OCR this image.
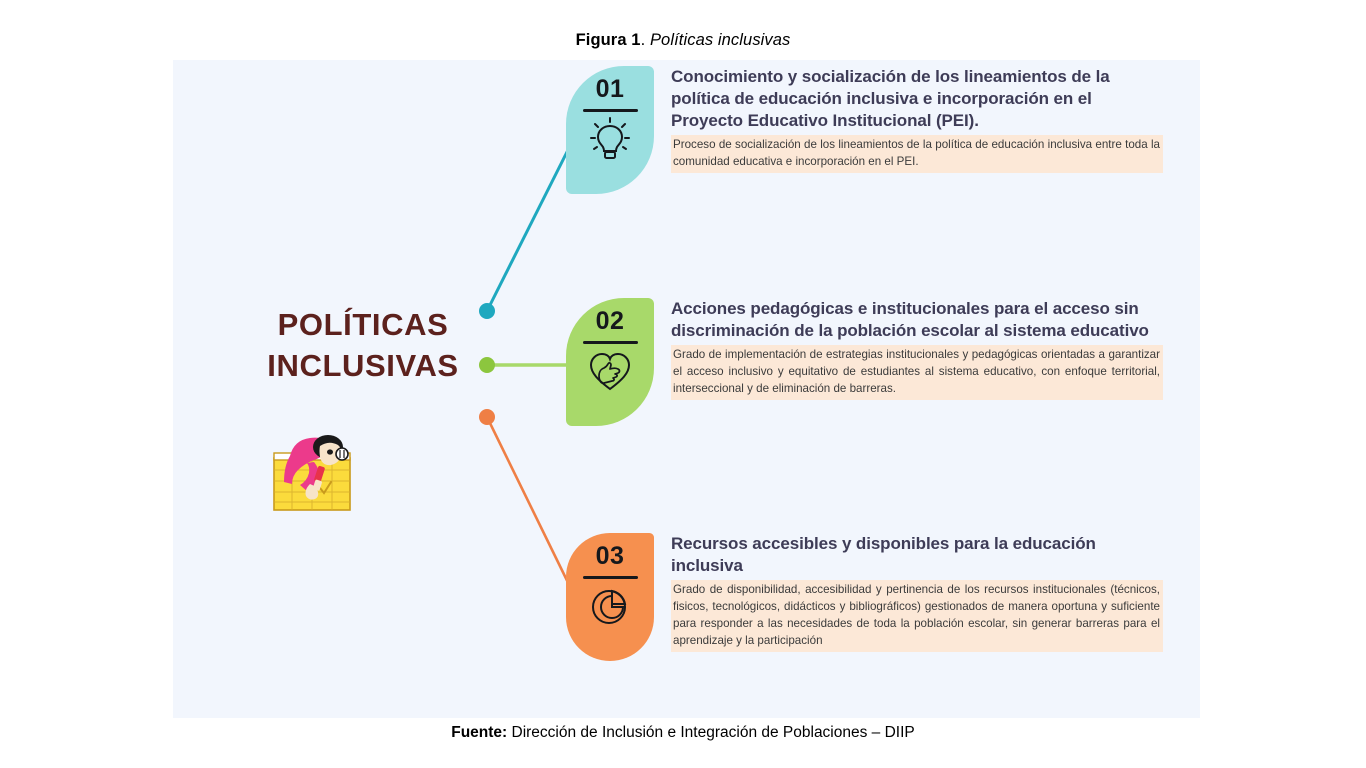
Figura 1. Políticas inclusivas
POLÍTICAS
INCLUSIVAS
01	Conocimiento y socialización de los lineamientos de la política de educación inclusiva e incorporación en el Proyecto Educativo Institucional (PEI).

Proceso de socialización de los lineamientos de la política de educación inclusiva entre toda la comunidad educativa e incorporación en el PEI.

02	Acciones pedagógicas e institucionales para el acceso sin discriminación de la población escolar al sistema educativo

Grado de implementación de estrategias institucionales y pedagógicas orientadas a garantizar el acceso inclusivo y equitativo de estudiantes al sistema educativo, con enfoque territorial, interseccional y de eliminación de barreras.

03	Recursos accesibles y disponibles para la educación inclusiva

Grado de disponibilidad, accesibilidad y pertinencia de los recursos institucionales (técnicos, fisicos, tecnológicos, didácticos y bibliográficos) gestionados de manera oportuna y suficiente para responder a las necesidades de toda la población escolar, sin generar barreras para el aprendizaje y la participación

Fuente: Dirección de Inclusión e Integración de Poblaciones – DIIP
